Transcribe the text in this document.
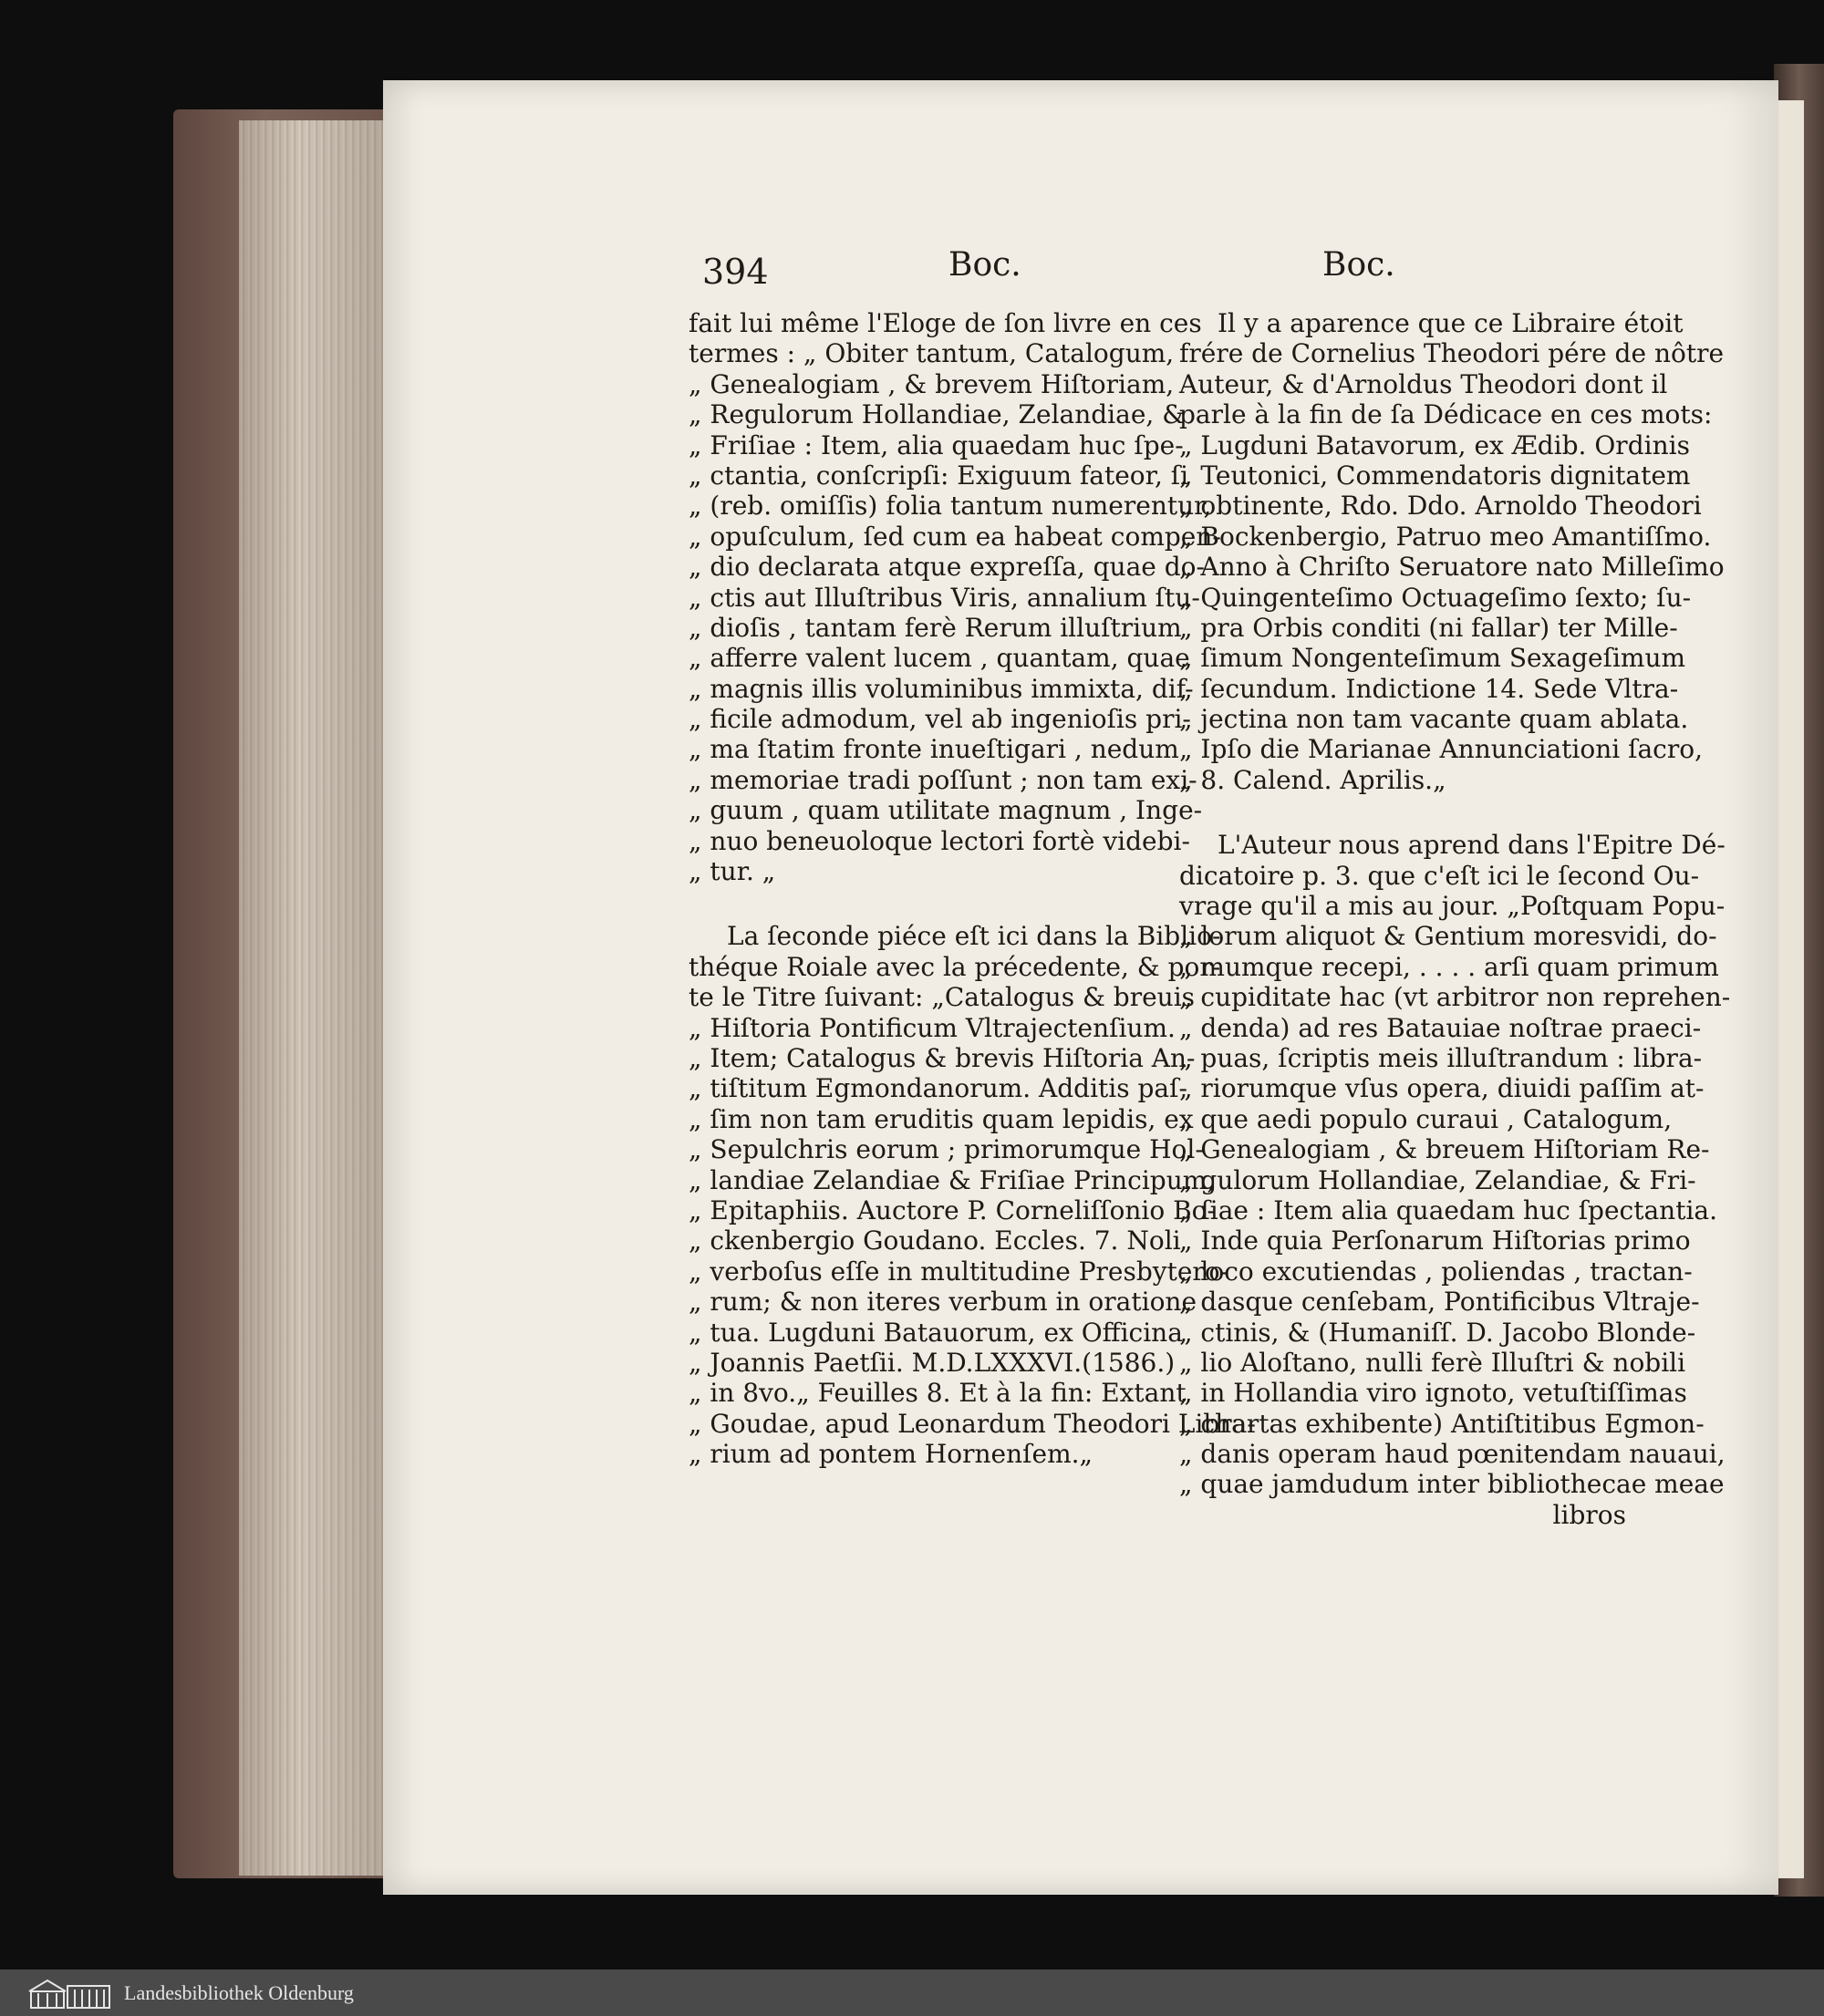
394	Boc.	Boc.
fait lui même l'Eloge de ſon livre en ces
termes : „ Obiter tantum, Catalogum,
„ Genealogiam , & brevem Hiſtoriam,
„ Regulorum Hollandiae, Zelandiae, &
„ Friſiae : Item, alia quaedam huc ſpe-
„ ctantia, conſcripſi: Exiguum fateor, ſi
„ (reb. omiſſis) folia tantum numerentur,
„ opuſculum, ſed cum ea habeat compen-
„ dio declarata atque expreſſa, quae do-
„ ctis aut Illuſtribus Viris, annalium ſtu-
„ dioſis , tantam ferè Rerum illuſtrium
„ afferre valent lucem , quantam, quae
„ magnis illis voluminibus immixta, dif-
„ ficile admodum, vel ab ingenioſis pri-
„ ma ſtatim fronte inueſtigari , nedum
„ memoriae tradi poſſunt ; non tam exi-
„ guum , quam utilitate magnum , Inge-
„ nuo beneuoloque lectori fortè videbi-
„ tur. „
La ſeconde piéce eſt ici dans la Biblio-
théque Roiale avec la précedente, & por-
te le Titre ſuivant: „Catalogus & breuis
„ Hiſtoria Pontificum Vltrajectenſium.
„ Item; Catalogus & brevis Hiſtoria An-
„ tiſtitum Egmondanorum. Additis paſ-
„ ſim non tam eruditis quam lepidis, ex
„ Sepulchris eorum ; primorumque Hol-
„ landiae Zelandiae & Friſiae Principum,
„ Epitaphiis. Auctore P. Corneliſſonio Bo-
„ ckenbergio Goudano. Eccles. 7. Noli
„ verboſus eſſe in multitudine Presbytero-
„ rum; & non iteres verbum in oratione
„ tua. Lugduni Batauorum, ex Officina
„ Joannis Paetſii. M.D.LXXXVI.(1586.)
„ in 8vo.„ Feuilles 8. Et à la fin: Extant
„ Goudae, apud Leonardum Theodori Libra-
„ rium ad pontem Hornenſem.„
Il y a aparence que ce Libraire étoit
frére de Cornelius Theodori pére de nôtre
Auteur, & d'Arnoldus Theodori dont il
parle à la fin de ſa Dédicace en ces mots:
„ Lugduni Batavorum, ex Ædib. Ordinis
„ Teutonici, Commendatoris dignitatem
„ obtinente, Rdo. Ddo. Arnoldo Theodori
„ Bockenbergio, Patruo meo Amantiſſmo.
„ Anno à Chriſto Seruatore nato Milleſimo
„ Quingenteſimo Octuageſimo ſexto; ſu-
„ pra Orbis conditi (ni fallar) ter Mille-
„ ſimum Nongenteſimum Sexageſimum
„ ſecundum. Indictione 14. Sede Vltra-
„ jectina non tam vacante quam ablata.
„ Ipſo die Marianae Annunciationi ſacro,
„ 8. Calend. Aprilis.„
L'Auteur nous aprend dans l'Epitre Dé-
dicatoire p. 3. que c'eſt ici le ſecond Ou-
vrage qu'il a mis au jour. „Poſtquam Popu-
„ lorum aliquot & Gentium moresvidi, do-
„ mumque recepi, . . . . arſi quam primum
„ cupiditate hac (vt arbitror non reprehen-
„ denda) ad res Batauiae noſtrae praeci-
„ puas, ſcriptis meis illuſtrandum : libra-
„ riorumque vſus opera, diuidi paſſim at-
„ que aedi populo curaui , Catalogum,
„ Genealogiam , & breuem Hiſtoriam Re-
„ gulorum Hollandiae, Zelandiae, & Fri-
„ ſiae : Item alia quaedam huc ſpectantia.
„ Inde quia Perſonarum Hiſtorias primo
„ loco excutiendas , poliendas , tractan-
„ dasque cenſebam, Pontificibus Vltraje-
„ ctinis, & (Humaniſſ. D. Jacobo Blonde-
„ lio Aloſtano, nulli ferè Illuſtri & nobili
„ in Hollandia viro ignoto, vetuſtiſſimas
„ chartas exhibente) Antiſtitibus Egmon-
„ danis operam haud pœnitendam nauaui,
„ quae jamdudum inter bibliothecae meae
libros
Landesbibliothek Oldenburg
